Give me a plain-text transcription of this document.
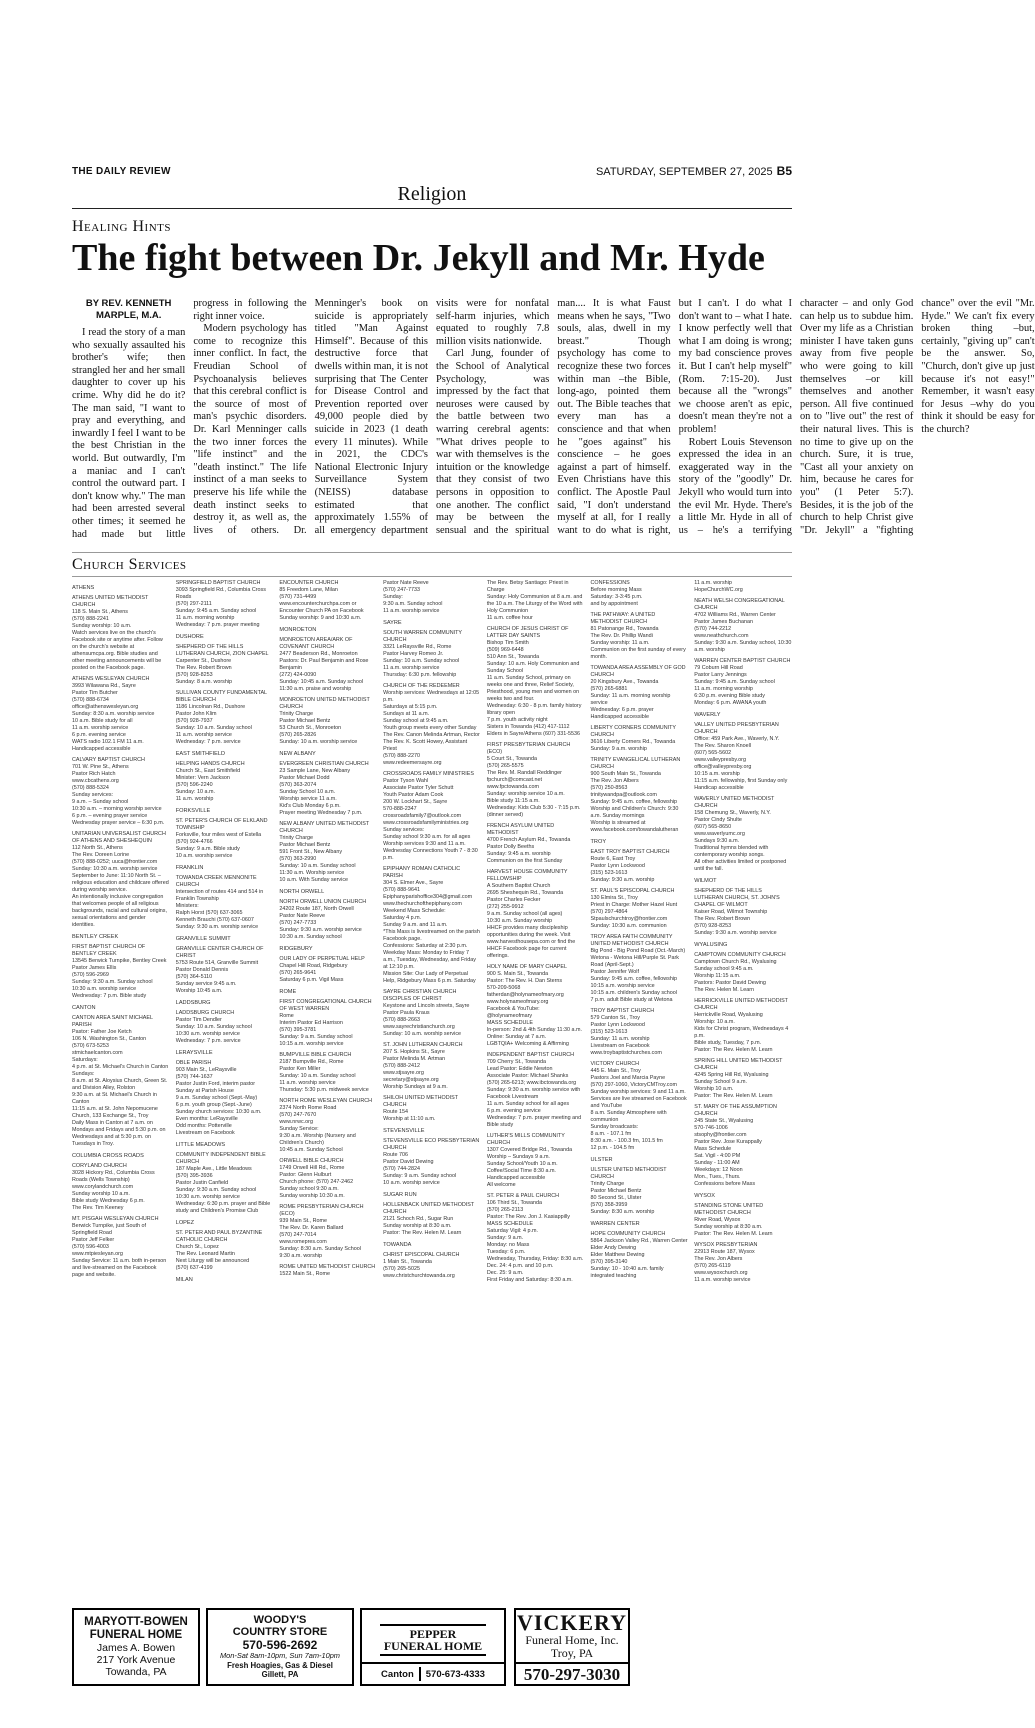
THE DAILY REVIEW	SATURDAY, SEPTEMBER 27, 2025 B5
Religion
Healing Hints
The fight between Dr. Jekyll and Mr. Hyde
BY REV. KENNETH MARPLE, M.A.

I read the story of a man who sexually assaulted his brother's wife; then strangled her and her small daughter to cover up his crime. Why did he do it? The man said, "I want to pray and everything, and inwardly I feel I want to be the best Christian in the world. But outwardly, I'm a maniac and I can't control the outward part. I don't know why." The man had been arrested several other times; it seemed he had made but little progress in following the right inner voice.

Modern psychology has come to recognize this inner conflict. In fact, the Freudian School of Psychoanalysis believes that this cerebral conflict is the source of most of man's psychic disorders. Dr. Karl Menninger calls the two inner forces the "life instinct" and the "death instinct." The life instinct of a man seeks to preserve his life while the death instinct seeks to destroy it, as well as, the lives of others. Dr. Menninger's book on suicide is appropriately titled "Man Against Himself". Because of this destructive force that dwells within man, it is not surprising that The Center for Disease Control and Prevention reported over 49,000 people died by suicide in 2023 (1 death every 11 minutes). While in 2021, the CDC's National Electronic Injury Surveillance System (NEISS) database estimated that approximately 1.55% of all emergency department visits were for nonfatal self-harm injuries, which equated to roughly 7.8 million visits nationwide.

Carl Jung, founder of the School of Analytical Psychology, was impressed by the fact that neuroses were caused by the battle between two warring cerebral agents: "What drives people to war with themselves is the intuition or the knowledge that they consist of two persons in opposition to one another. The conflict may be between the sensual and the spiritual man.... It is what Faust means when he says, "Two souls, alas, dwell in my breast." Though psychology has come to recognize these two forces within man –the Bible, long-ago, pointed them out. The Bible teaches that every man has a conscience and that when he "goes against" his conscience – he goes against a part of himself. Even Christians have this conflict. The Apostle Paul said, "I don't understand myself at all, for I really want to do what is right, but I can't. I do what I don't want to – what I hate. I know perfectly well that what I am doing is wrong; my bad conscience proves it. But I can't help myself" (Rom. 7:15-20). Just because all the "wrongs" we choose aren't as epic, doesn't mean they're not a problem!

Robert Louis Stevenson expressed the idea in an exaggerated way in the story of the "goodly" Dr. Jekyll who would turn into the evil Mr. Hyde. There's a little Mr. Hyde in all of us – he's a terrifying character – and only God can help us to subdue him. Over my life as a Christian minister I have taken guns away from five people who were going to kill themselves –or kill themselves and another person. All five continued on to "live out" the rest of their natural lives. This is no time to give up on the church. Sure, it is true, "Cast all your anxiety on him, because he cares for you" (1 Peter 5:7). Besides, it is the job of the church to help Christ give "Dr. Jekyll" a "fighting chance" over the evil "Mr. Hyde." We can't fix every broken thing –but, certainly, "giving up" can't be the answer. So, "Church, don't give up just because it's not easy!" Remember, it wasn't easy for Jesus –why do you think it should be easy for the church?

Church Services
ATHENS
ATHENS UNITED METHODIST CHURCH
118 S. Main St., Athens
(570) 888-2241
Sunday worship: 10 a.m.
Watch services live on the church's Facebook site or anytime after. Follow on the church's website at athensumcpa.org. Bible studies and other meeting announcements will be posted on the Facebook page.
ATHENS WESLEYAN CHURCH
3993 Wilawana Rd., Sayre
Pastor Tim Butcher
(570) 888-6734
office@athenswesleyan.org
Sunday: 8:30 a.m. worship service
10 a.m. Bible study for all
11 a.m. worship service
6 p.m. evening service
WATS radio 102.1 FM 11 a.m.
Handicapped accessible
CALVARY BAPTIST CHURCH
701 W. Pine St., Athens
Pastor Rich Hatch
www.cbcathens.org
(570) 888-5324
Sunday services:
9 a.m. – Sunday school
10:30 a.m. – morning worship service
6 p.m. – evening prayer service
Wednesday prayer service – 6:30 p.m.
UNITARIAN UNIVERSALIST CHURCH OF ATHENS AND SHESHEQUIN
112 North St., Athens
The Rev. Doreen Lorine
(570) 888-0252; uuca@frontier.com
Sunday: 10:30 a.m. worship service
September to June: 11:10 North St. – religious education and childcare offered during worship service.
An intentionally inclusive congregation that welcomes people of all religious backgrounds, racial and cultural origins, sexual orientations and gender identities.
BENTLEY CREEK
FIRST BAPTIST CHURCH OF BENTLEY CREEK
13545 Berwick Turnpike, Bentley Creek
Pastor James Ellis
(570) 596-2969
Sunday: 9:30 a.m. Sunday school
10:30 a.m. worship service
Wednesday: 7 p.m. Bible study
CANTON
CANTON AREA SAINT MICHAEL PARISH
Pastor: Father Joe Ketch
106 N. Washington St., Canton
(570) 673-5253
stmichaelcanton.com
Saturdays:
4 p.m. at St. Michael's Church in Canton
Sundays:
8 a.m. at St. Aloysius Church, Green St. and Division Alley, Rolston
9:30 a.m. at St. Michael's Church in Canton
11:15 a.m. at St. John Nepomucene Church, 133 Exchange St., Troy
Daily Mass in Canton at 7 a.m. on Mondays and Fridays and 5:30 p.m. on Wednesdays and at 5:30 p.m. on Tuesdays in Troy.
COLUMBIA CROSS ROADS
CORYLAND CHURCH
3028 Hickory Rd., Columbia Cross Roads (Wells Township)
www.corylandchurch.com
Sunday worship 10 a.m.
Bible study Wednesday 6 p.m.
The Rev. Tim Keeney
MT. PISGAH WESLEYAN CHURCH
Berwick Turnpike, just South of Springfield Road
Pastor Jeff Felker
(570) 596-4003
www.mtpiesleyan.org
Sunday Service: 11 a.m. both in-person and live-streamed on the Facebook page and website.
SPRINGFIELD BAPTIST CHURCH
3093 Springfield Rd., Columbia Cross Roads
(570) 297-2111
Sunday: 9:45 a.m. Sunday school
11 a.m. morning worship
Wednesday: 7 p.m. prayer meeting
DUSHORE
SHEPHERD OF THE HILLS LUTHERAN CHURCH, ZION CHAPEL
Carpenter St., Dushore
The Rev. Robert Brown
(570) 928-8253
Sunday: 8 a.m. worship
SULLIVAN COUNTY FUNDAMENTAL BIBLE CHURCH
1186 Lincolnan Rd., Dushore
Pastor John Klim
(570) 928-7937
Sunday: 10 a.m. Sunday school
11 a.m. worship service
Wednesday: 7 p.m. service
EAST SMITHFIELD
HELPING HANDS CHURCH
Church St., East Smithfield
Minister: Vern Jackson
(570) 596-2240
Sunday: 10 a.m.
11 a.m. worship
FORKSVILLE
ST. PETER'S CHURCH OF ELKLAND TOWNSHIP
Forksville, four miles west of Estella
(570) 924-4766
Sunday: 9 a.m. Bible study
10 a.m. worship service
FRANKLIN
TOWANDA CREEK MENNONITE CHURCH
Intersection of routes 414 and 514 in Franklin Township
Ministers:
Ralph Horst (570) 637-3065
Kenneth Brauchi (570) 637-0607
Sunday: 9:30 a.m. worship service
GRANVILLE SUMMIT
GRANVILLE CENTER CHURCH OF CHRIST
5753 Route 514, Granville Summit
Pastor Donald Dennis
(570) 364-5110
Sunday service 9:45 a.m.
Worship 10:45 a.m.
LADDSBURG
LADDSBURG CHURCH
Pastor Tim Dendler
Sunday: 10 a.m. Sunday school
10:30 a.m. worship service
Wednesday: 7 p.m. service
LERAYSVILLE
OBLE PARISH
903 Main St., LeRaysville
(570) 744-1637
Pastor Justin Ford, interim pastor
Sunday at Parish House
9 a.m. Sunday school (Sept.-May)
6 p.m. youth group (Sept.-June)
Sunday church services: 10:30 a.m.
Even months: LeRaysville
Odd months: Potterville
Livestream on Facebook
LITTLE MEADOWS
COMMUNITY INDEPENDENT BIBLE CHURCH
187 Maple Ave., Little Meadows
(570) 395-3936
Pastor Justin Canfield
Sunday: 9:30 a.m. Sunday school
10:30 a.m. worship service
Wednesday: 6:30 p.m. prayer and Bible study and Children's Promise Club
LOPEZ
ST. PETER AND PAUL BYZANTINE CATHOLIC CHURCH
Church St., Lopez
The Rev. Leonard Martin
Next Liturgy will be announced
(570) 637-4199
MILAN
ENCOUNTER CHURCH
85 Freedom Lane, Milan
(570) 731-4499
www.encounterchurchpa.com or Encounter Church PA on Facebook
Sunday worship: 9 and 10:30 a.m.
MONROETON
MONROETON AREA/ARK OF COVENANT CHURCH
2477 Beaderson Rd., Monroeton
Pastors: Dr. Paul Benjamin and Rose Benjamin
(272) 424-0090
Sunday: 10:45 a.m. Sunday school
11:30 a.m. praise and worship
MONROETON UNITED METHODIST CHURCH
Trinity Charge
Pastor Michael Bentz
53 Church St., Monroeton
(570) 265-2826
Sunday: 10 a.m. worship service
NEW ALBANY
EVERGREEN CHRISTIAN CHURCH
23 Sample Lane, New Albany
Pastor Michael Dodd
(570) 363-2074
Sunday School 10 a.m.
Worship service 11 a.m.
Kid's Club Monday 6 p.m.
Prayer meeting Wednesday 7 p.m.
NEW ALBANY UNITED METHODIST CHURCH
Trinity Charge
Pastor Michael Bentz
591 Front St., New Albany
(570) 363-2990
Sunday: 10 a.m. Sunday school
11:30 a.m. Worship service
10 a.m. With Sunday service
NORTH ORWELL
NORTH ORWELL UNION CHURCH
24202 Route 187, North Orwell
Pastor Nate Reeve
(570) 247-7733
Sunday: 9:30 a.m. worship service
10:30 a.m. Sunday school
RIDGEBURY
OUR LADY OF PERPETUAL HELP
Chapel Hill Road, Ridgebury
(570) 265-9641
Saturday 6 p.m. Vigil Mass
ROME
FIRST CONGREGATIONAL CHURCH OF WEST WARREN
Rome
Interim Pastor Ed Harrison
(570) 395-3781
Sunday: 9 a.m. Sunday school
10:15 a.m. worship service
BUMPVILLE BIBLE CHURCH
2187 Bumpville Rd., Rome
Pastor Ken Miller
Sunday: 10 a.m. Sunday school
11 a.m. worship service
Thursday: 5:30 p.m. midweek service
NORTH ROME WESLEYAN CHURCH
2374 North Rome Road
(570) 247-7670
www.nrwc.org
Sunday Service:
9:30 a.m. Worship (Nursery and Children's Church)
10:45 a.m. Sunday School
ORWELL BIBLE CHURCH
1749 Orwell Hill Rd., Rome
Pastor: Glenn Hulburt
Church phone: (570) 247-2462
Sunday school 9:30 a.m.
Sunday worship 10:30 a.m.
ROME PRESBYTERIAN CHURCH (ECO)
939 Main St., Rome
The Rev. Dr. Karen Ballard
(570) 247-7014
www.romepres.com
Sunday: 8:30 a.m. Sunday School
9:30 a.m. worship
ROME UNITED METHODIST CHURCH
1522 Main St., Rome
Pastor Nate Reeve
(570) 247-7733
Sunday:
9:30 a.m. Sunday school
11 a.m. worship service
SAYRE
SOUTH WARREN COMMUNITY CHURCH
3321 LeRaysville Rd., Rome
Pastor Harvey Romeo Jr.
Sunday: 10 a.m. Sunday school
11 a.m. worship service
Thursday: 6:30 p.m. fellowship
CHURCH OF THE REDEEMER
Worship services: Wednesdays at 12:05 p.m.
Saturdays at 5:15 p.m.
Sundays at 11 a.m.
Sunday school at 9:45 a.m.
Youth group meets every other Sunday
The Rev. Canon Melinda Artman, Rector
The Rev. K. Scott Howey, Assistant Priest
(570) 888-2270
www.redeemersayre.org
CROSSROADS FAMILY MINISTRIES
Pastor Tyson Wahl
Associate Pastor Tyler Schutt
Youth Pastor Adam Cook
200 W. Lockhart St., Sayre
570-888-2347
crossroadsfamily7@outlook.com
www.crossroadsfamilyministries.org
Sunday services:
Sunday school 9:30 a.m. for all ages
Worship services 9:30 and 11 a.m.
Wednesday Connections Youth 7 - 8:30 p.m.
EPIPHANY ROMAN CATHOLIC PARISH
304 S. Elmer Ave., Sayre
(570) 888-9641
Epiphanyparishoffice304@gmail.com
www.thechurchofthepiphany.com
Weekend Mass Schedule:
Saturday 4 p.m.
Sunday 9 a.m. and 11 a.m.
*This Mass is livestreamed on the parish Facebook page.
Confessions: Saturday at 2:30 p.m.
Weekday Mass: Monday to Friday 7 a.m., Tuesday, Wednesday, and Friday at 12:10 p.m.
Mission Site: Our Lady of Perpetual Help, Ridgebury Mass 6 p.m. Saturday
SAYRE CHRISTIAN CHURCH DISCIPLES OF CHRIST
Keystone and Lincoln streets, Sayre
Pastor Paula Kraus
(570) 888-2663
www.sayrechristianchurch.org
Sunday: 10 a.m. worship service
ST. JOHN LUTHERAN CHURCH
207 S. Hopkins St., Sayre
Pastor Melinda M. Artman
(570) 888-2412
www.stjsayre.org
secretary@stjsayre.org
Worship Sundays at 9 a.m.
SHILOH UNITED METHODIST CHURCH
Route 154
Worship at 11:10 a.m.
STEVENSVILLE
STEVENSVILLE ECO PRESBYTERIAN CHURCH
Route 706
Pastor David Dewing
(570) 744-2824
Sunday: 9 a.m. Sunday school
10 a.m. worship service
SUGAR RUN
HOLLENBACK UNITED METHODIST CHURCH
2121 Schoch Rd., Sugar Run
Sunday worship at 8:30 a.m.
Pastor: The Rev. Helen M. Learn
TOWANDA
CHRIST EPISCOPAL CHURCH
1 Main St., Towanda
(570) 265-5025
www.christchurchtowanda.org
The Rev. Betsy Santiago: Priest in Charge
Sunday: Holy Communion at 8 a.m. and the 10 a.m. The Liturgy of the Word with Holy Communion
11 a.m. coffee hour
CHURCH OF JESUS CHRIST OF LATTER DAY SAINTS
Bishop Tim Smith
(509) 969-6448
510 Ann St., Towanda
Sunday: 10 a.m. Holy Communion and Sunday School
11 a.m. Sunday School, primary on weeks one and three, Relief Society, Priesthood, young men and women on weeks two and four.
Wednesday: 6:30 - 8 p.m. family history library open
7 p.m. youth activity night
Sisters in Towanda (412) 417-1112
Elders in Sayre/Athens (607) 331-5536
FIRST PRESBYTERIAN CHURCH (ECO)
5 Court St., Towanda
(570) 265-5575
The Rev. M. Randall Reddinger
fpchurch@comcast.net
www.fpctowanda.com
Sunday: worship service 10 a.m.
Bible study 11:15 a.m.
Wednesday: Kids Club 5:30 - 7:15 p.m. (dinner served)
FRENCH ASYLUM UNITED METHODIST
4700 French Asylum Rd., Towanda
Pastor Dolly Beeths
Sunday: 9:45 a.m. worship
Communion on the first Sunday
HARVEST HOUSE COMMUNITY FELLOWSHIP
A Southern Baptist Church
2695 Sheshequin Rd., Towanda
Pastor Charles Fecker
(272) 255-9912
9 a.m. Sunday school (all ages)
10:30 a.m. Sunday worship
HHCF provides many discipleship opportunities during the week. Visit www.harvesthousepa.com or find the HHCF Facebook page for current offerings.
HOLY NAME OF MARY CHAPEL
900 S. Main St., Towanda
Pastor: The Rev. H. Dan Sterns
570-209-5068
fatherdan@holynameofmary.org
www.holynameofmary.org
Facebook & YouTube: @holynameofmary
MASS SCHEDULE
In-person: 2nd & 4th Sunday 11:30 a.m.
Online: Sunday at 7 a.m.
LGBTQIA+ Welcoming & Affirming
INDEPENDENT BAPTIST CHURCH
709 Cherry St., Towanda
Lead Pastor: Eddie Newton
Associate Pastor: Michael Shanks
(570) 265-6213; www.ibctowanda.org
Sunday: 9:30 a.m. worship service with Facebook Livestream
11 a.m. Sunday school for all ages
6 p.m. evening service
Wednesday: 7 p.m. prayer meeting and Bible study
LUTHER'S MILLS COMMUNITY CHURCH
1307 Covered Bridge Rd., Towanda
Worship – Sundays 9 a.m.
Sunday School/Youth 10 a.m.
Coffee/Social Time 8:30 a.m.
Handicapped accessible
All welcome
ST. PETER & PAUL CHURCH
106 Third St., Towanda
(570) 265-2113
Pastor: The Rev. Jon J. Kasiappilly
MASS SCHEDULE
Saturday Vigil: 4 p.m.
Sunday: 9 a.m.
Monday: no Mass
Tuesday: 6 p.m.
Wednesday, Thursday, Friday: 8:30 a.m.
Dec. 24: 4 p.m. and 10 p.m.
Dec. 25: 9 a.m.
First Friday and Saturday: 8:30 a.m.
CONFESSIONS
Before morning Mass
Saturday: 3-3:45 p.m.
and by appointment
THE PATHWAY: A UNITED METHODIST CHURCH
81 Patonange Rd., Towanda
The Rev. Dr. Phillip Wandi
Sunday worship: 11 a.m.
Communion on the first sunday of every month.
TOWANDA AREA ASSEMBLY OF GOD CHURCH
20 Kingsbury Ave., Towanda
(570) 265-6881
Sunday: 11 a.m. morning worship service
Wednesday: 6 p.m. prayer
Handicapped accessible
LIBERTY CORNERS COMMUNITY CHURCH
3616 Liberty Corners Rd., Towanda
Sunday: 9 a.m. worship
TRINITY EVANGELICAL LUTHERAN CHURCH
900 South Main St., Towanda
The Rev. Jon Albers
(570) 250-8563
trinitywandpa@outlook.com
Sunday: 9:45 a.m. coffee, fellowship
Worship and Children's Church: 9:30 a.m. Sunday mornings
Worship is streamed at www.facebook.com/towandalutheran
TROY
EAST TROY BAPTIST CHURCH
Route 6, East Troy
Pastor Lynn Lockwood
(315) 523-1613
Sunday: 9:30 a.m. worship
ST. PAUL'S EPISCOPAL CHURCH
130 Elmira St., Troy
Priest in Charge: Mother Hazel Hunt
(570) 297-4864
Stpaulschurchtroy@frontier.com
Sunday: 10:30 a.m. communion
TROY AREA FAITH COMMUNITY UNITED METHODIST CHURCH
Big Pond - Big Pond Road (Oct.-March)
Wetona - Wetona Hill/Purple St. Park Road (April-Sept.)
Pastor Jennifer Wolf
Sunday: 9:45 a.m. coffee, fellowship
10:15 a.m. worship service
10:15 a.m. children's Sunday school
7 p.m. adult Bible study at Wetona
TROY BAPTIST CHURCH
579 Canton St., Troy
Pastor Lynn Lockwood
(315) 523-1613
Sunday: 11 a.m. worship
Livestream on Facebook
www.troybaptistchurches.com
VICTORY CHURCH
445 E. Main St., Troy
Pastors Joel and Marcia Payne
(570) 297-1060, VictoryCMTroy.com
Sunday worship services: 9 and 11 a.m.
Services are live streamed on Facebook and YouTube
8 a.m. Sunday Atmosphere with communion
Sunday broadcasts:
8 a.m. - 107.1 fm
8:30 a.m. - 100.3 fm, 101.5 fm
12 p.m. - 104.5 fm
ULSTER
ULSTER UNITED METHODIST CHURCH
Trinity Charge
Pastor Michael Bentz
80 Second St., Ulster
(570) 358-3959
Sunday: 8:30 a.m. worship
WARREN CENTER
HOPE COMMUNITY CHURCH
5864 Jackson Valley Rd., Warren Center
Elder Andy Dewing
Elder Matthew Dewing
(570) 395-3140
Sunday: 10 - 10:40 a.m. family integrated teaching
11 a.m. worship
HopeChurchWC.org
NEATH WELSH CONGREGATIONAL CHURCH
4702 Williams Rd., Warren Center
Pastor James Buchanan
(570) 744-2212
www.neathchurch.com
Sunday: 9:30 a.m. Sunday school, 10:30 a.m. worship
WARREN CENTER BAPTIST CHURCH
79 Coburn Hill Road
Pastor Larry Jennings
Sunday: 9:45 a.m. Sunday school
11 a.m. morning worship
6:30 p.m. evening Bible study
Monday: 6 p.m. AWANA youth
WAVERLY
VALLEY UNITED PRESBYTERIAN CHURCH
Office: 459 Park Ave., Waverly, N.Y.
The Rev. Sharon Knoell
(607) 565-5602
www.valleypresby.org
office@valleypresby.org
10:15 a.m. worship
11:15 a.m. fellowship, first Sunday only
Handicap accessible
WAVERLY UNITED METHODIST CHURCH
158 Chemung St., Waverly, N.Y.
Pastor Cindy Shulte
(607) 565-8650
www.waverlyumc.org
Sundays 9:30 a.m.
Traditional hymns blended with contemporary worship songs.
All other activities limited or postponed until the fall.
WILMOT
SHEPHERD OF THE HILLS LUTHERAN CHURCH, ST. JOHN'S CHAPEL OF WILMOT
Kaiser Road, Wilmot Township
The Rev. Robert Brown
(570) 928-8253
Sunday: 9:30 a.m. worship service
WYALUSING
CAMPTOWN COMMUNITY CHURCH
Camptown Church Rd., Wyalusing
Sunday school 9:45 a.m.
Worship 11:15 a.m.
Pastors: Pastor David Dewing
The Rev. Helen M. Learn
HERRICKVILLE UNITED METHODIST CHURCH
Herrickville Road, Wyalusing
Worship: 10 a.m.
Kids for Christ program, Wednesdays 4 p.m.
Bible study, Tuesday, 7 p.m.
Pastor: The Rev. Helen M. Learn
SPRING HILL UNITED METHODIST CHURCH
4245 Spring Hill Rd, Wyalusing
Sunday School 9 a.m.
Worship 10 a.m.
Pastor: The Rev. Helen M. Learn
ST. MARY OF THE ASSUMPTION CHURCH
245 State St., Wyalusing
570-746-1006
stsophy@frontier.com
Pastor Rev. Jose Kurappally
Mass Schedule
Sat. Vigil - 4:00 PM
Sunday - 11:00 AM
Weekdays: 12 Noon
Mon., Tues., Thurs.
Confessions before Mass
WYSOX
STANDING STONE UNITED METHODIST CHURCH
River Road, Wysox
Sunday worship at 8:30 a.m.
Pastor: The Rev. Helen M. Learn
WYSOX PRESBYTERIAN
22913 Route 187, Wysox
The Rev. Jon Albers
(570) 265-6119
www.wysoxchurch.org
11 a.m. worship service
MARYOTT-BOWEN
FUNERAL HOME
James A. Bowen
217 York Avenue
Towanda, PA
WOODY'S
COUNTRY STORE
570-596-2692
Mon-Sat 8am-10pm, Sun 7am-10pm
Fresh Hoagies, Gas & Diesel
Gillett, PA
PEPPER
FUNERAL HOME
Canton 570-673-4333
VICKERY
Funeral Home, Inc.
Troy, PA
570-297-3030
